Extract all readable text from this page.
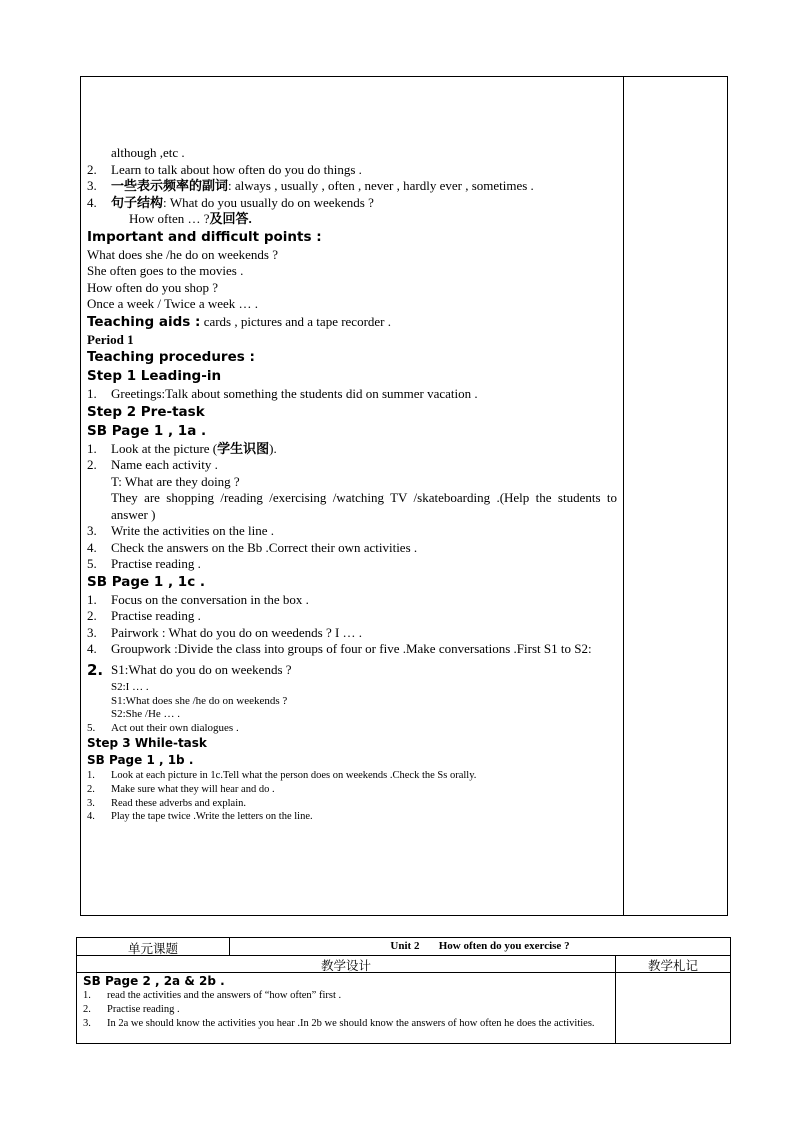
although ,etc .
2.	Learn to talk about how often do you do things .
3.	一些表示频率的副词: always , usually , often , never , hardly ever , sometimes .
4.	句子结构: What do you usually do on weekends ?
How often … ?及回答.
Important and difficult points :
What does she /he do on weekends ?
She often goes to the movies .
How often do you shop ?
Once a week / Twice a week … .
Teaching aids : cards , pictures and a tape recorder .
Period 1
Teaching procedures :
Step 1 Leading-in
1.	Greetings:Talk about something the students did on summer vacation .
Step 2 Pre-task
SB Page 1 , 1a .
1.	Look at the picture (学生识图).
2.	Name each activity .
T: What are they doing ?
They are shopping /reading /exercising /watching TV /skateboarding .(Help the students to answer )
3.	Write the activities on the line .
4.	Check the answers on the Bb .Correct their own activities .
5.	Practise reading .
SB Page 1 , 1c .
1.	Focus on the conversation in the box .
2.	Practise reading .
3.	Pairwork : What do you do on weedends ? I … .
4.	Groupwork :Divide the class into groups of four or five .Make conversations .First S1 to S2:
2. S1:What do you do on weekends ?
S2:I … .
S1:What does she /he do on weekends ?
S2:She /He … .
5.	Act out their own dialogues .
Step 3 While-task
SB Page 1 , 1b .
1.	Look at each picture in 1c.Tell what the person does on weekends .Check the Ss orally.
2.	Make sure what they will hear and do .
3.	Read these adverbs and explain.
4.	Play the tape twice .Write the letters on the line.
单元课题	Unit 2       How often do you exercise ?
教学设计	教学札记
SB Page 2 , 2a & 2b .
1.	read the activities and the answers of “how often” first .
2.	Practise reading .
3.	In 2a we should know the activities you hear .In 2b we should know the answers of how often he does the activities.
